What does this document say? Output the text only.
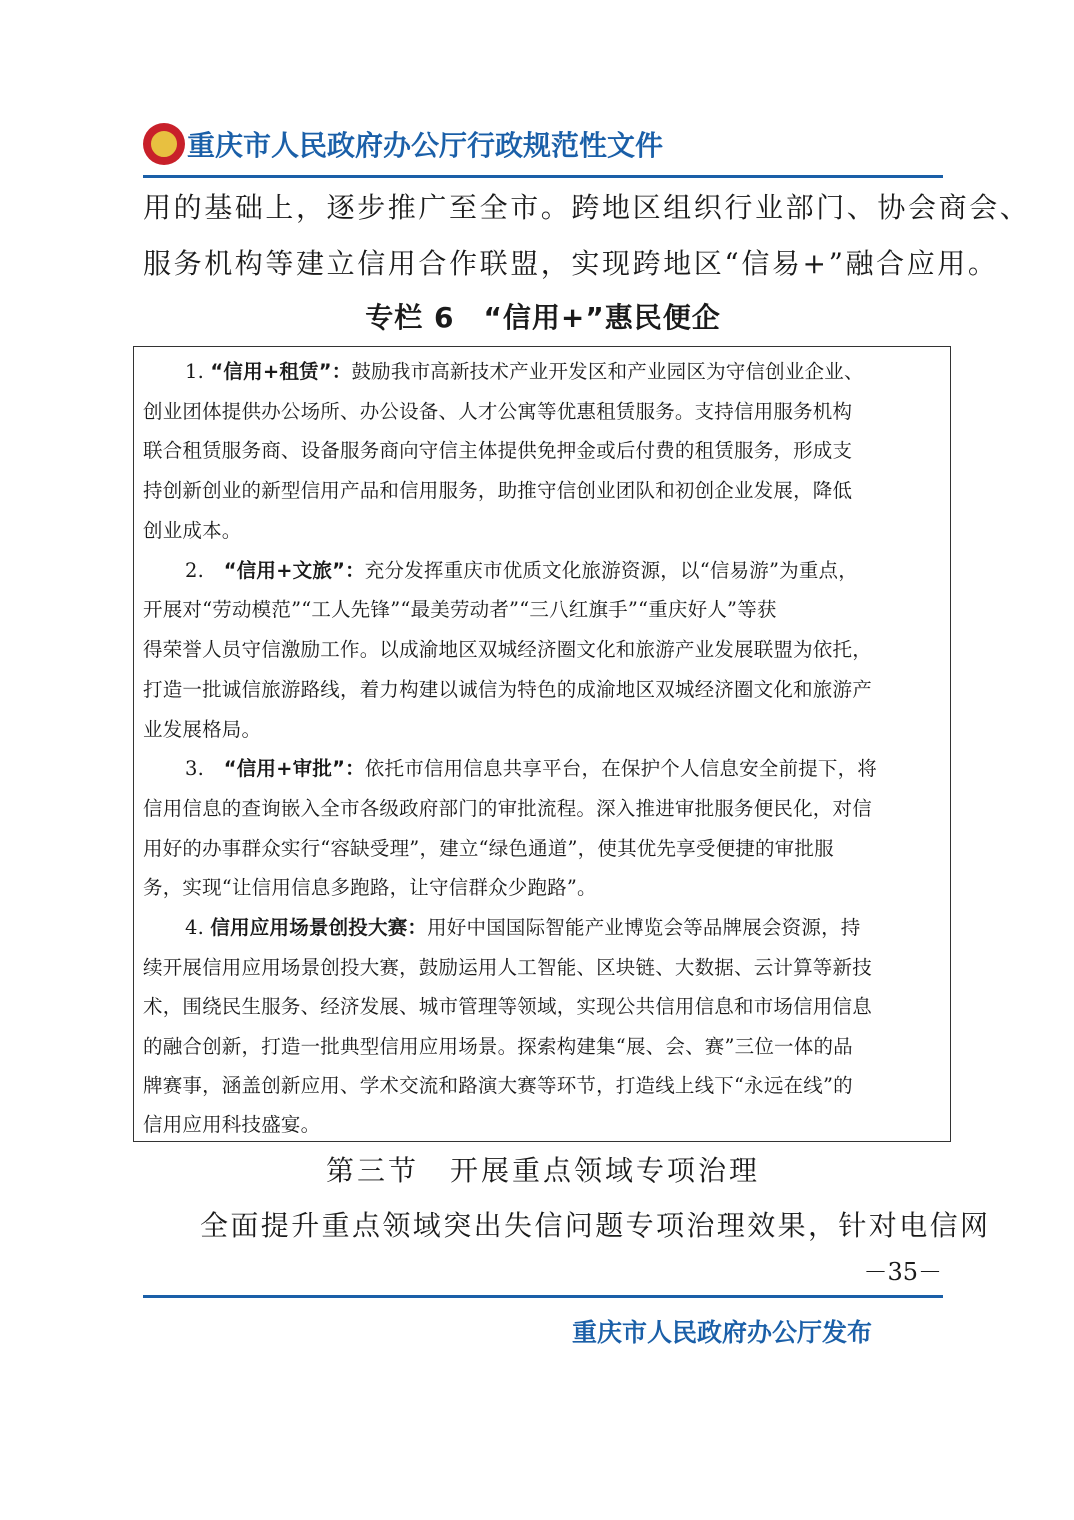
重庆市人民政府办公厅行政规范性文件
用的基础上，逐步推广至全市。跨地区组织行业部门、协会商会、
服务机构等建立信用合作联盟，实现跨地区“信易+”融合应用。
专栏 6　“信用+”惠民便企
1. “信用+租赁”：鼓励我市高新技术产业开发区和产业园区为守信创业企业、
创业团体提供办公场所、办公设备、人才公寓等优惠租赁服务。支持信用服务机构
联合租赁服务商、设备服务商向守信主体提供免押金或后付费的租赁服务，形成支
持创新创业的新型信用产品和信用服务，助推守信创业团队和初创企业发展，降低
创业成本。
2.　“信用+文旅”：充分发挥重庆市优质文化旅游资源，以“信易游”为重点，
开展对“劳动模范”“工人先锋”“最美劳动者”“三八红旗手”“重庆好人”等获
得荣誉人员守信激励工作。以成渝地区双城经济圈文化和旅游产业发展联盟为依托，
打造一批诚信旅游路线，着力构建以诚信为特色的成渝地区双城经济圈文化和旅游产
业发展格局。
3.　“信用+审批”：依托市信用信息共享平台，在保护个人信息安全前提下，将
信用信息的查询嵌入全市各级政府部门的审批流程。深入推进审批服务便民化，对信
用好的办事群众实行“容缺受理”，建立“绿色通道”，使其优先享受便捷的审批服
务，实现“让信用信息多跑路，让守信群众少跑路”。
4. 信用应用场景创投大赛：用好中国国际智能产业博览会等品牌展会资源，持
续开展信用应用场景创投大赛，鼓励运用人工智能、区块链、大数据、云计算等新技
术，围绕民生服务、经济发展、城市管理等领域，实现公共信用信息和市场信用信息
的融合创新，打造一批典型信用应用场景。探索构建集“展、会、赛”三位一体的品
牌赛事，涵盖创新应用、学术交流和路演大赛等环节，打造线上线下“永远在线”的
信用应用科技盛宴。
第三节　开展重点领域专项治理
全面提升重点领域突出失信问题专项治理效果，针对电信网
－35－
重庆市人民政府办公厅发布
